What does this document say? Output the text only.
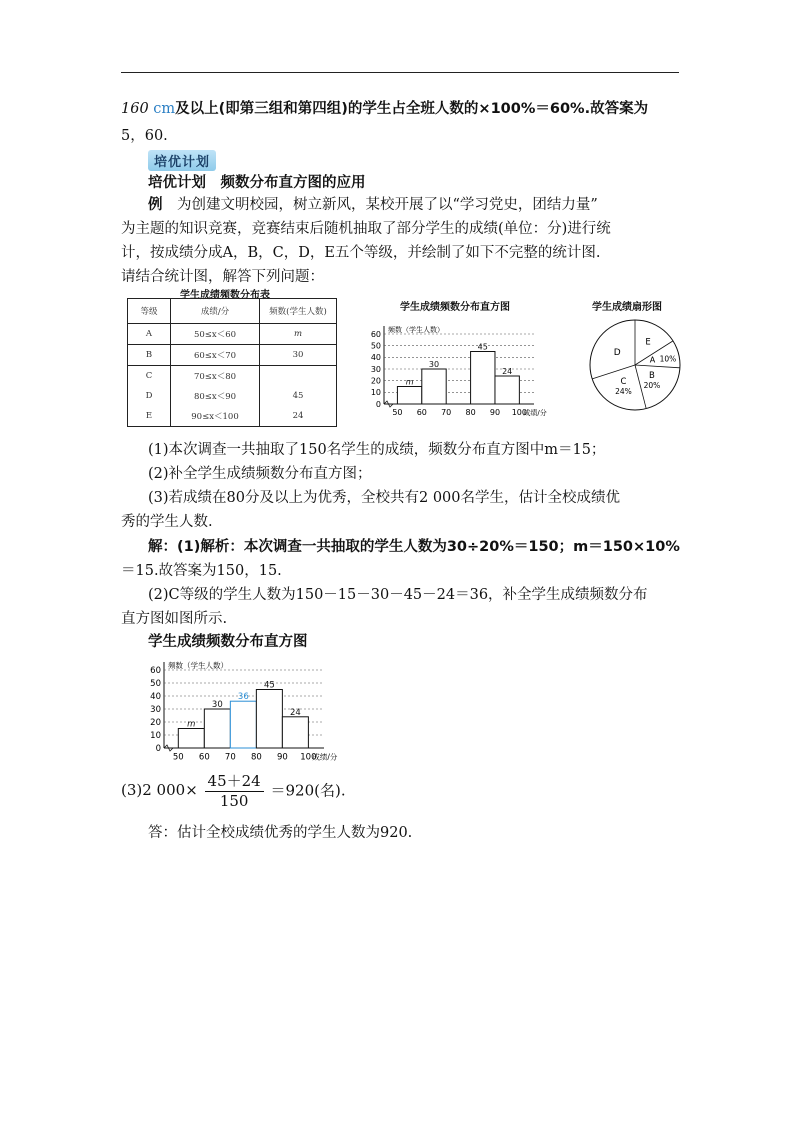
160 cm及以上(即第三组和第四组)的学生占全班人数的×100%＝60%.故答案为
5，60.
培优计划
培优计划　频数分布直方图的应用
例　 为创建文明校园，树立新风，某校开展了以“学习党史，团结力量”
为主题的知识竞赛，竞赛结束后随机抽取了部分学生的成绩(单位：分)进行统
计，按成绩分成A，B，C，D，E五个等级，并绘制了如下不完整的统计图.
请结合统计图，解答下列问题：
学生成绩频数分布表
等级	成绩/分	频数(学生人数)
A	50≤x＜60	m
B	60≤x＜70	30
C	70≤x＜80	
D	80≤x＜90	45
E	90≤x＜100	24
学生成绩频数分布直方图
0
10
20
30
40
50
60
m
30
45
24
50 60 70 80 90 100
成绩/分
频数（学生人数）
学生成绩扇形图
D
E
A 10%
C
24%
B
20%
(1)本次调查一共抽取了150名学生的成绩，频数分布直方图中m＝15；
(2)补全学生成绩频数分布直方图；
(3)若成绩在80分及以上为优秀，全校共有2 000名学生，估计全校成绩优
秀的学生人数.
解：(1)解析：本次调查一共抽取的学生人数为30÷20%＝150；m＝150×10%
＝15.故答案为150，15.
(2)C等级的学生人数为150－15－30－45－24＝36，补全学生成绩频数分布
直方图如图所示.
学生成绩频数分布直方图
0
10
20
30
40
50
60
m
30
36
45
24
50 60 70 80 90 100
成绩/分
频数（学生人数）
(3)2 $000\times \frac{45+24}{150} =920$(名).
答：估计全校成绩优秀的学生人数为920.
